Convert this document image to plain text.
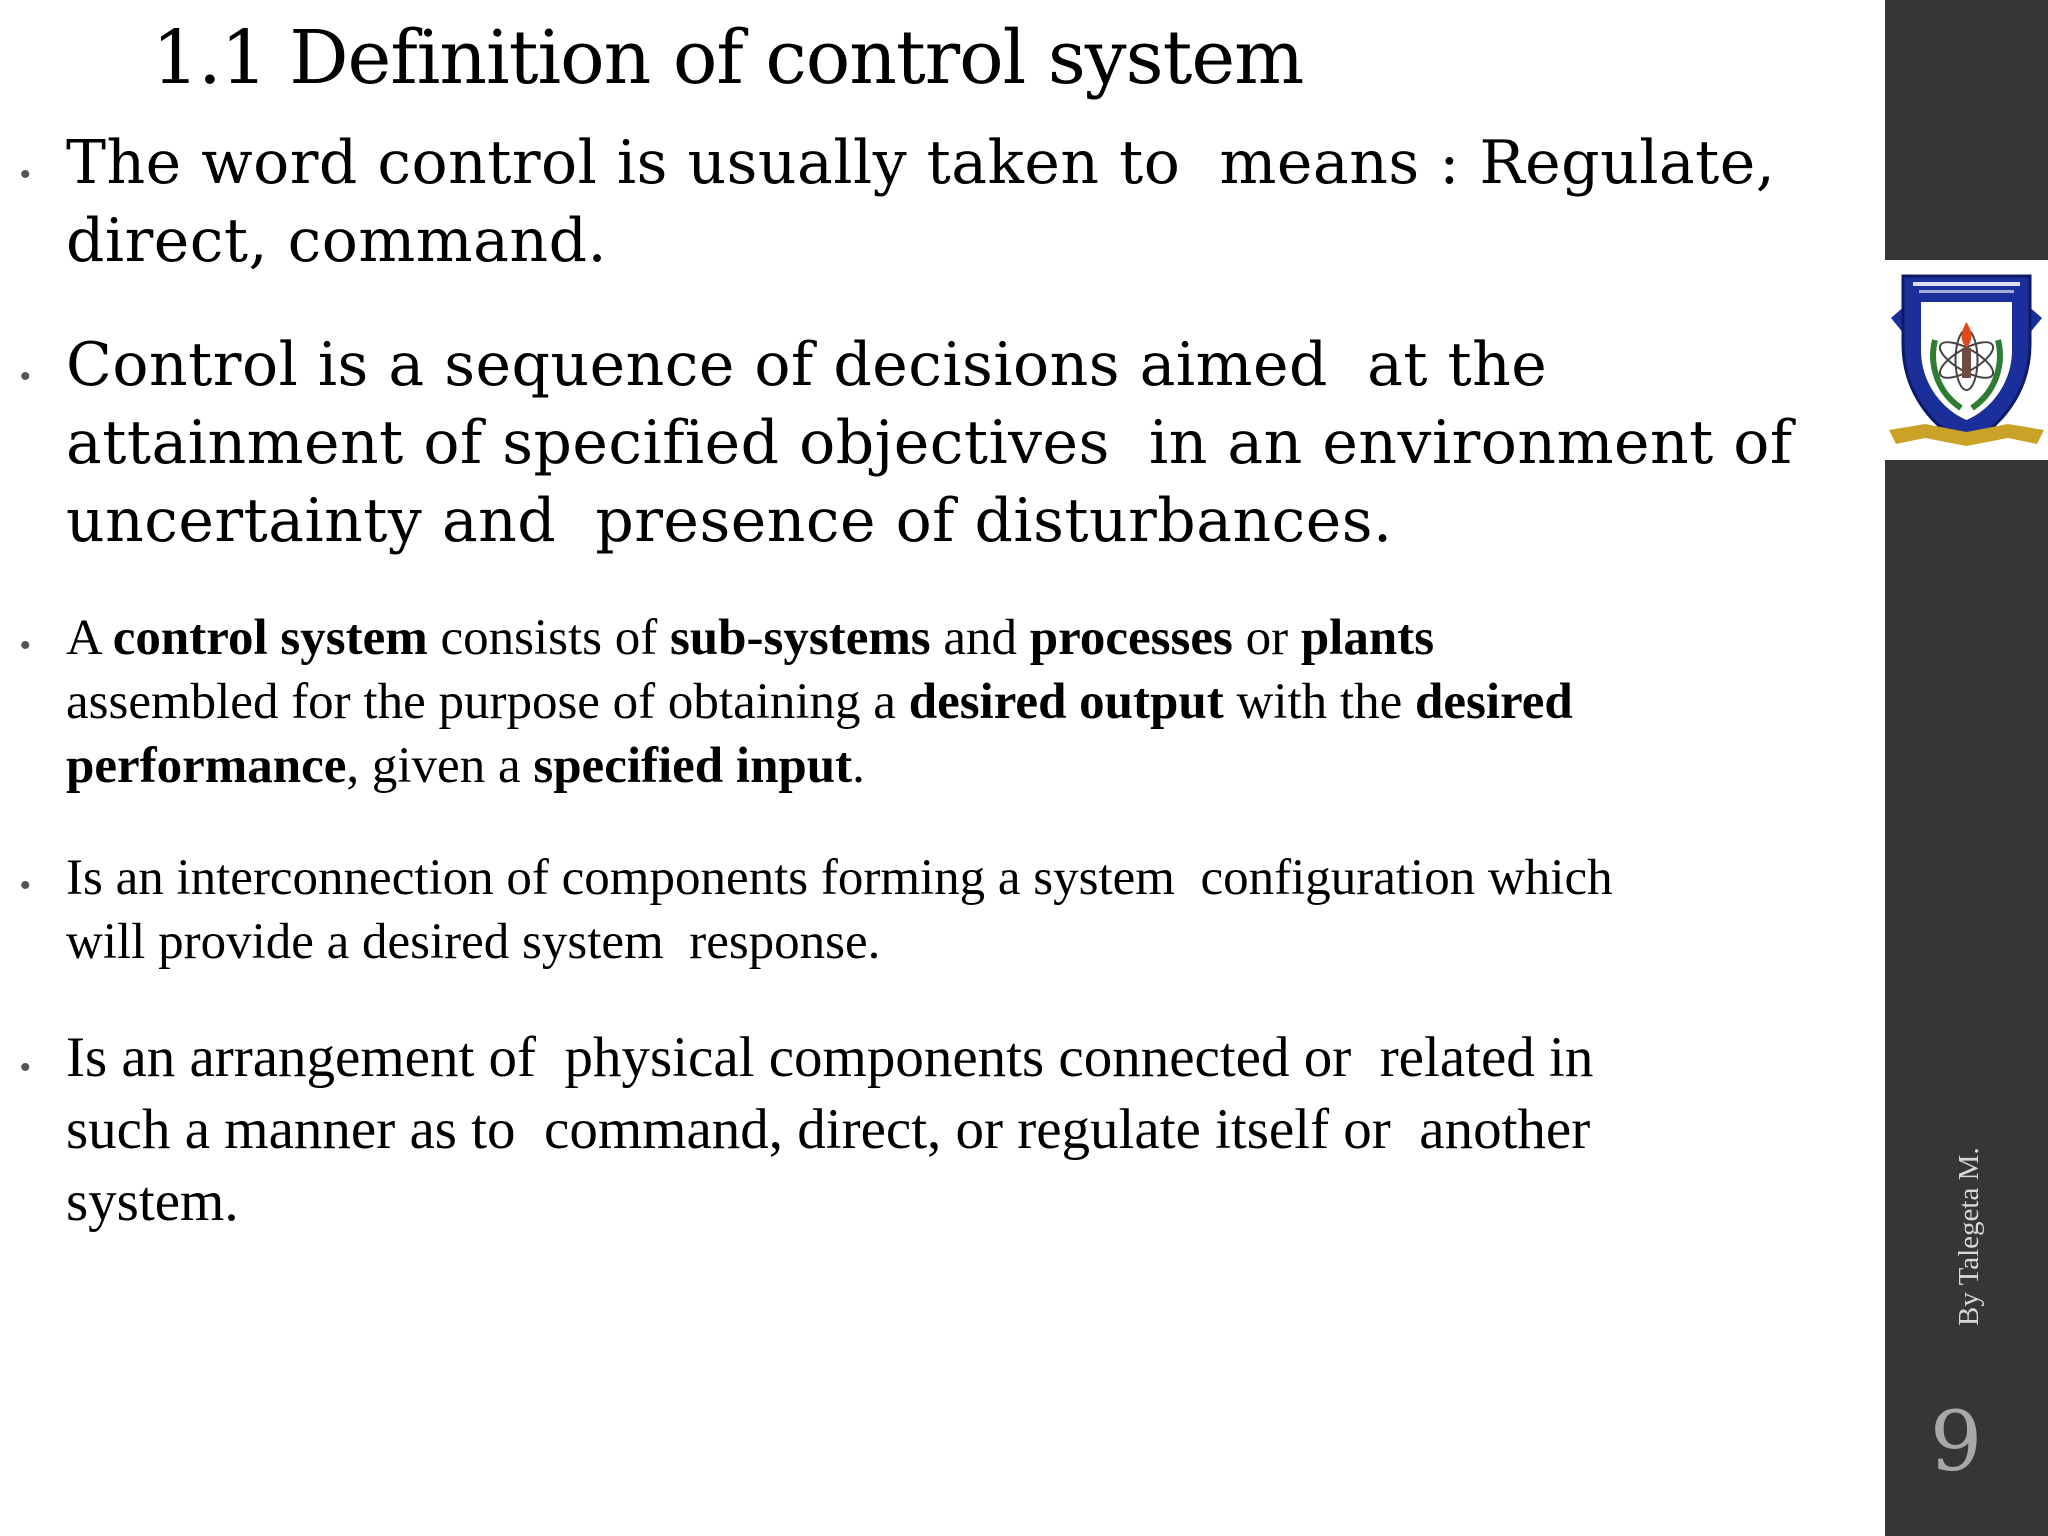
1.1 Definition of control system

• The word control is usually taken to  means : Regulate,
direct, command.

• Control is a sequence of decisions aimed  at the
attainment of specified objectives  in an environment of
uncertainty and  presence of disturbances.

• A control system consists of sub-systems and processes or plants
assembled for the purpose of obtaining a desired output with the desired
performance, given a specified input.

• Is an interconnection of components forming a system  configuration which
will provide a desired system  response.

• Is an arrangement of  physical components connected or  related in
such a manner as to  command, direct, or regulate itself or  another
system.	By Talegeta M.
9
